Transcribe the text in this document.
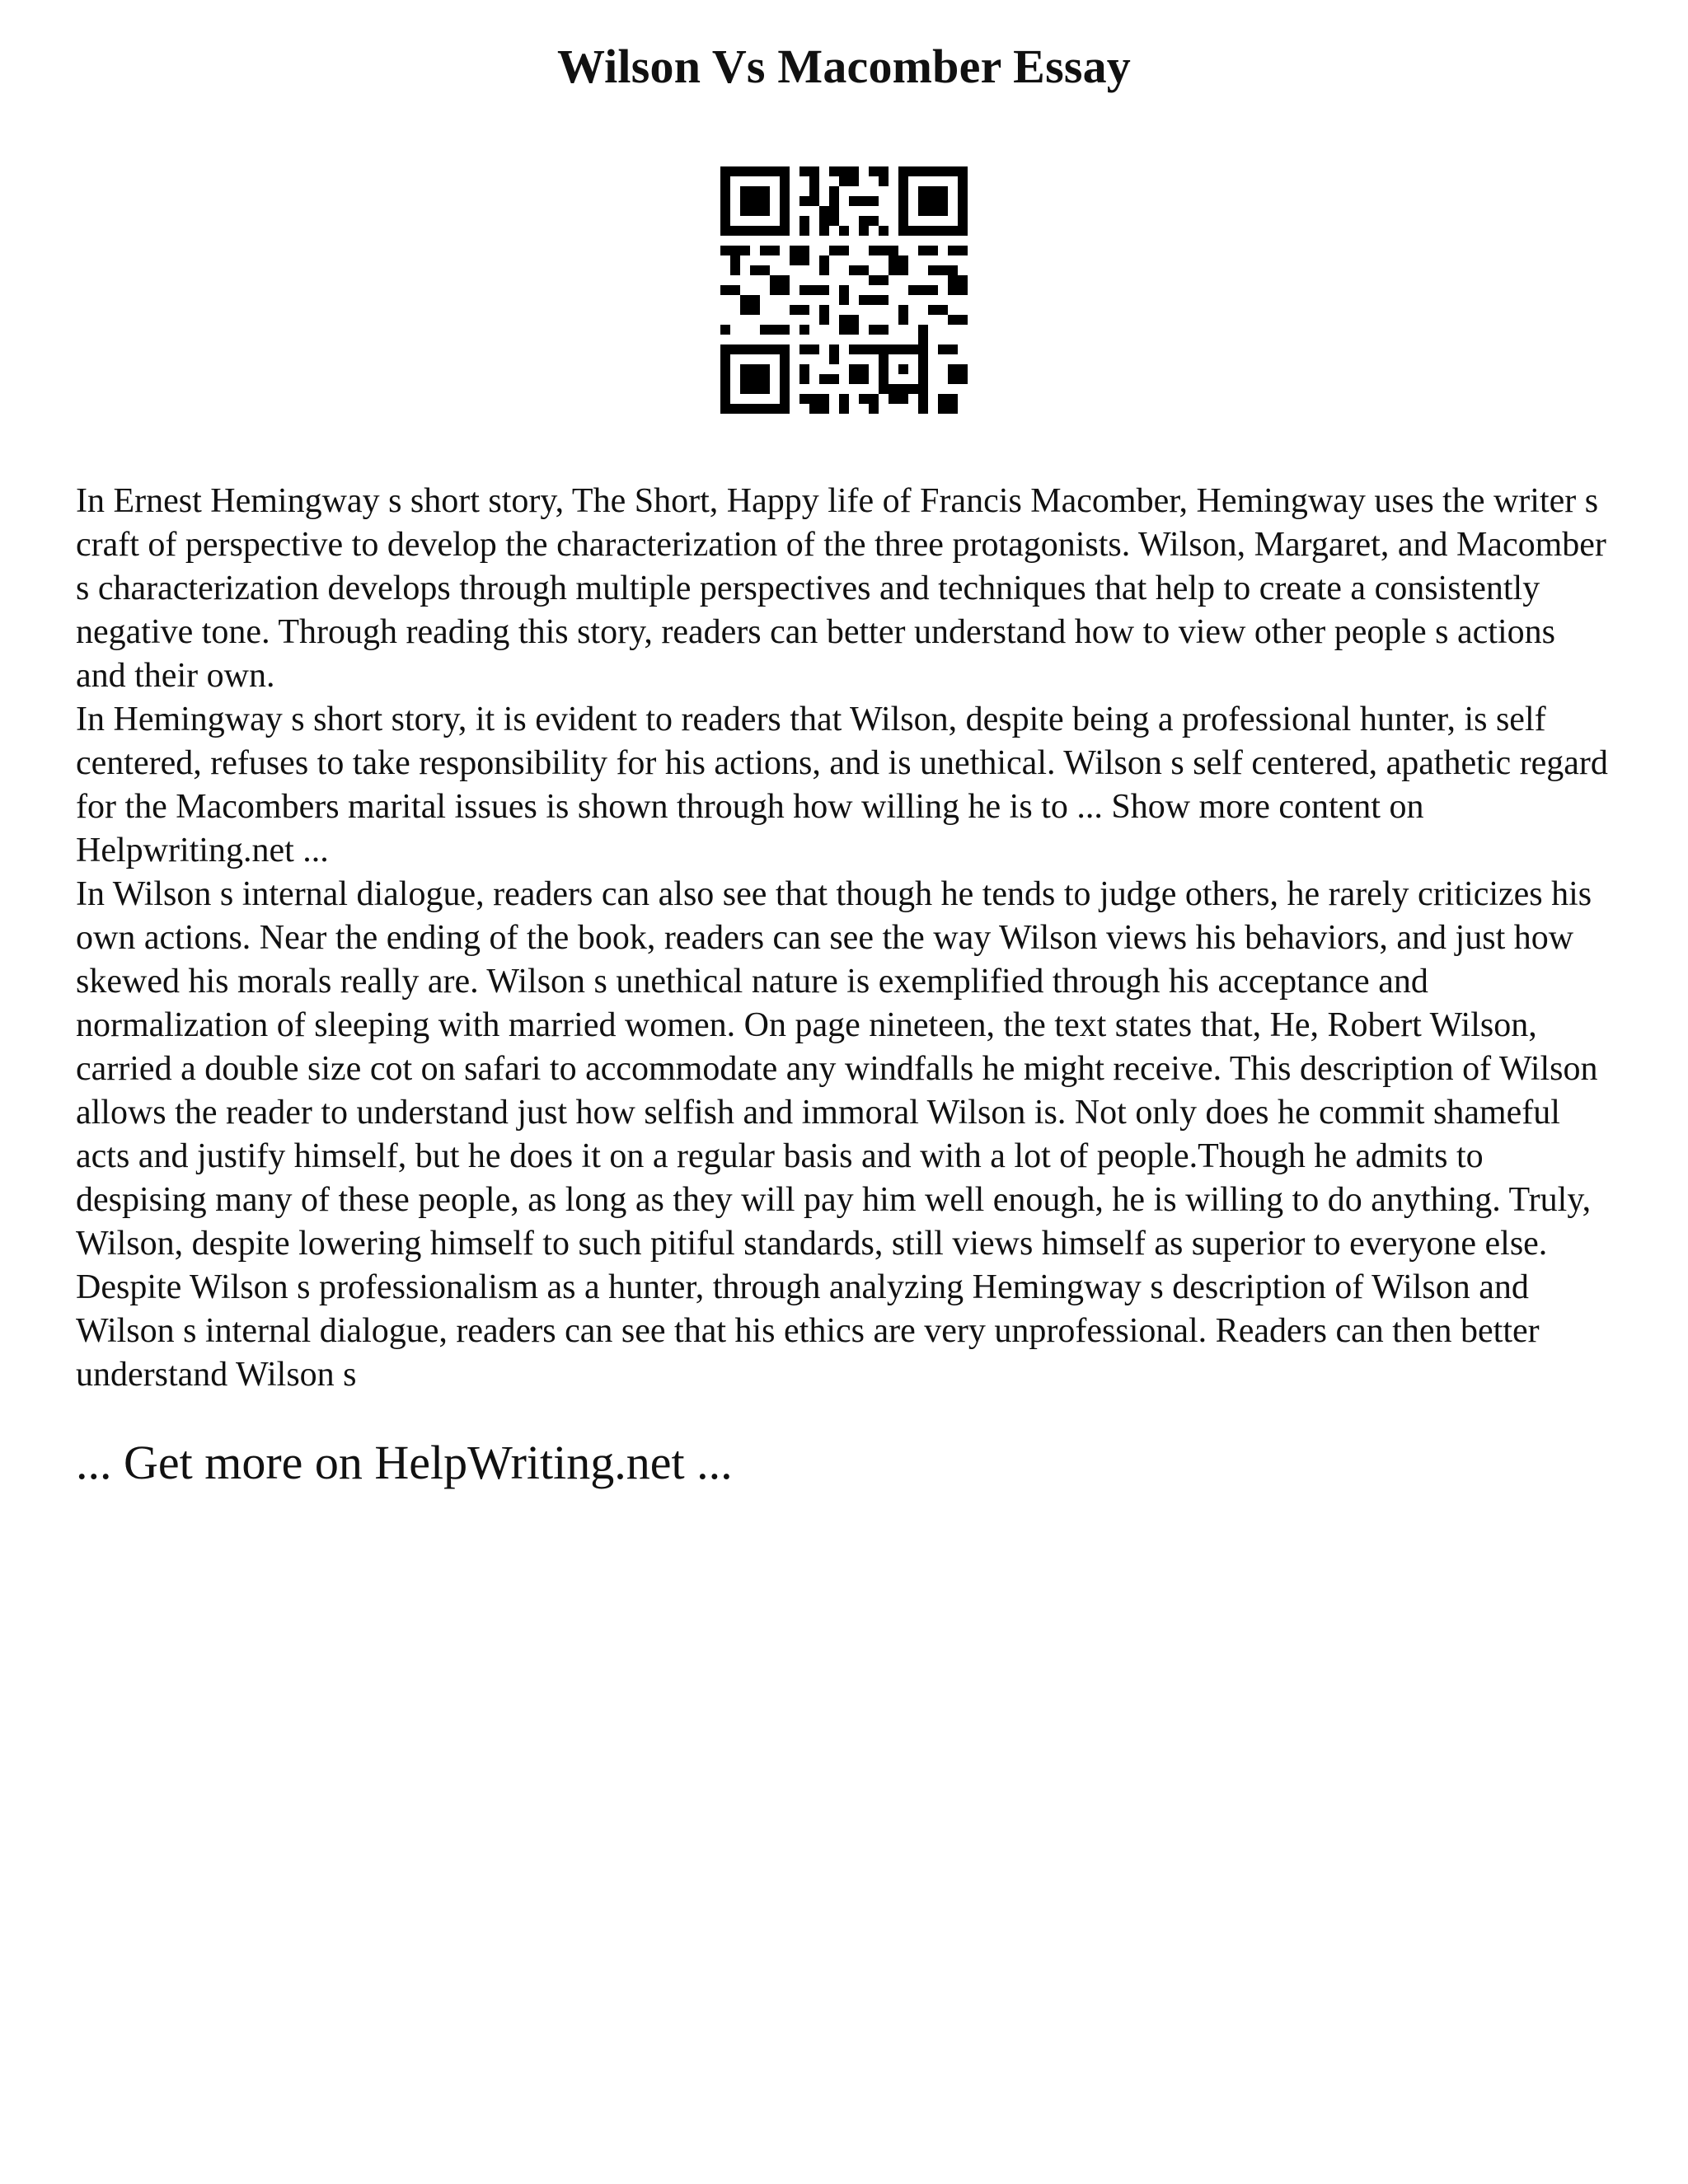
Wilson Vs Macomber Essay

In Ernest Hemingway s short story, The Short, Happy life of Francis Macomber, Hemingway uses the writer s craft of perspective to develop the characterization of the three protagonists. Wilson, Margaret, and Macomber s characterization develops through multiple perspectives and techniques that help to create a consistently negative tone. Through reading this story, readers can better understand how to view other people s actions and their own.

In Hemingway s short story, it is evident to readers that Wilson, despite being a professional hunter, is self centered, refuses to take responsibility for his actions, and is unethical. Wilson s self centered, apathetic regard for the Macombers marital issues is shown through how willing he is to ... Show more content on Helpwriting.net ...

In Wilson s internal dialogue, readers can also see that though he tends to judge others, he rarely criticizes his own actions. Near the ending of the book, readers can see the way Wilson views his behaviors, and just how skewed his morals really are. Wilson s unethical nature is exemplified through his acceptance and normalization of sleeping with married women. On page nineteen, the text states that, He, Robert Wilson, carried a double size cot on safari to accommodate any windfalls he might receive. This description of Wilson allows the reader to understand just how selfish and immoral Wilson is. Not only does he commit shameful acts and justify himself, but he does it on a regular basis and with a lot of people.Though he admits to despising many of these people, as long as they will pay him well enough, he is willing to do anything. Truly, Wilson, despite lowering himself to such pitiful standards, still views himself as superior to everyone else. Despite Wilson s professionalism as a hunter, through analyzing Hemingway s description of Wilson and Wilson s internal dialogue, readers can see that his ethics are very unprofessional. Readers can then better understand Wilson s

... Get more on HelpWriting.net ...
